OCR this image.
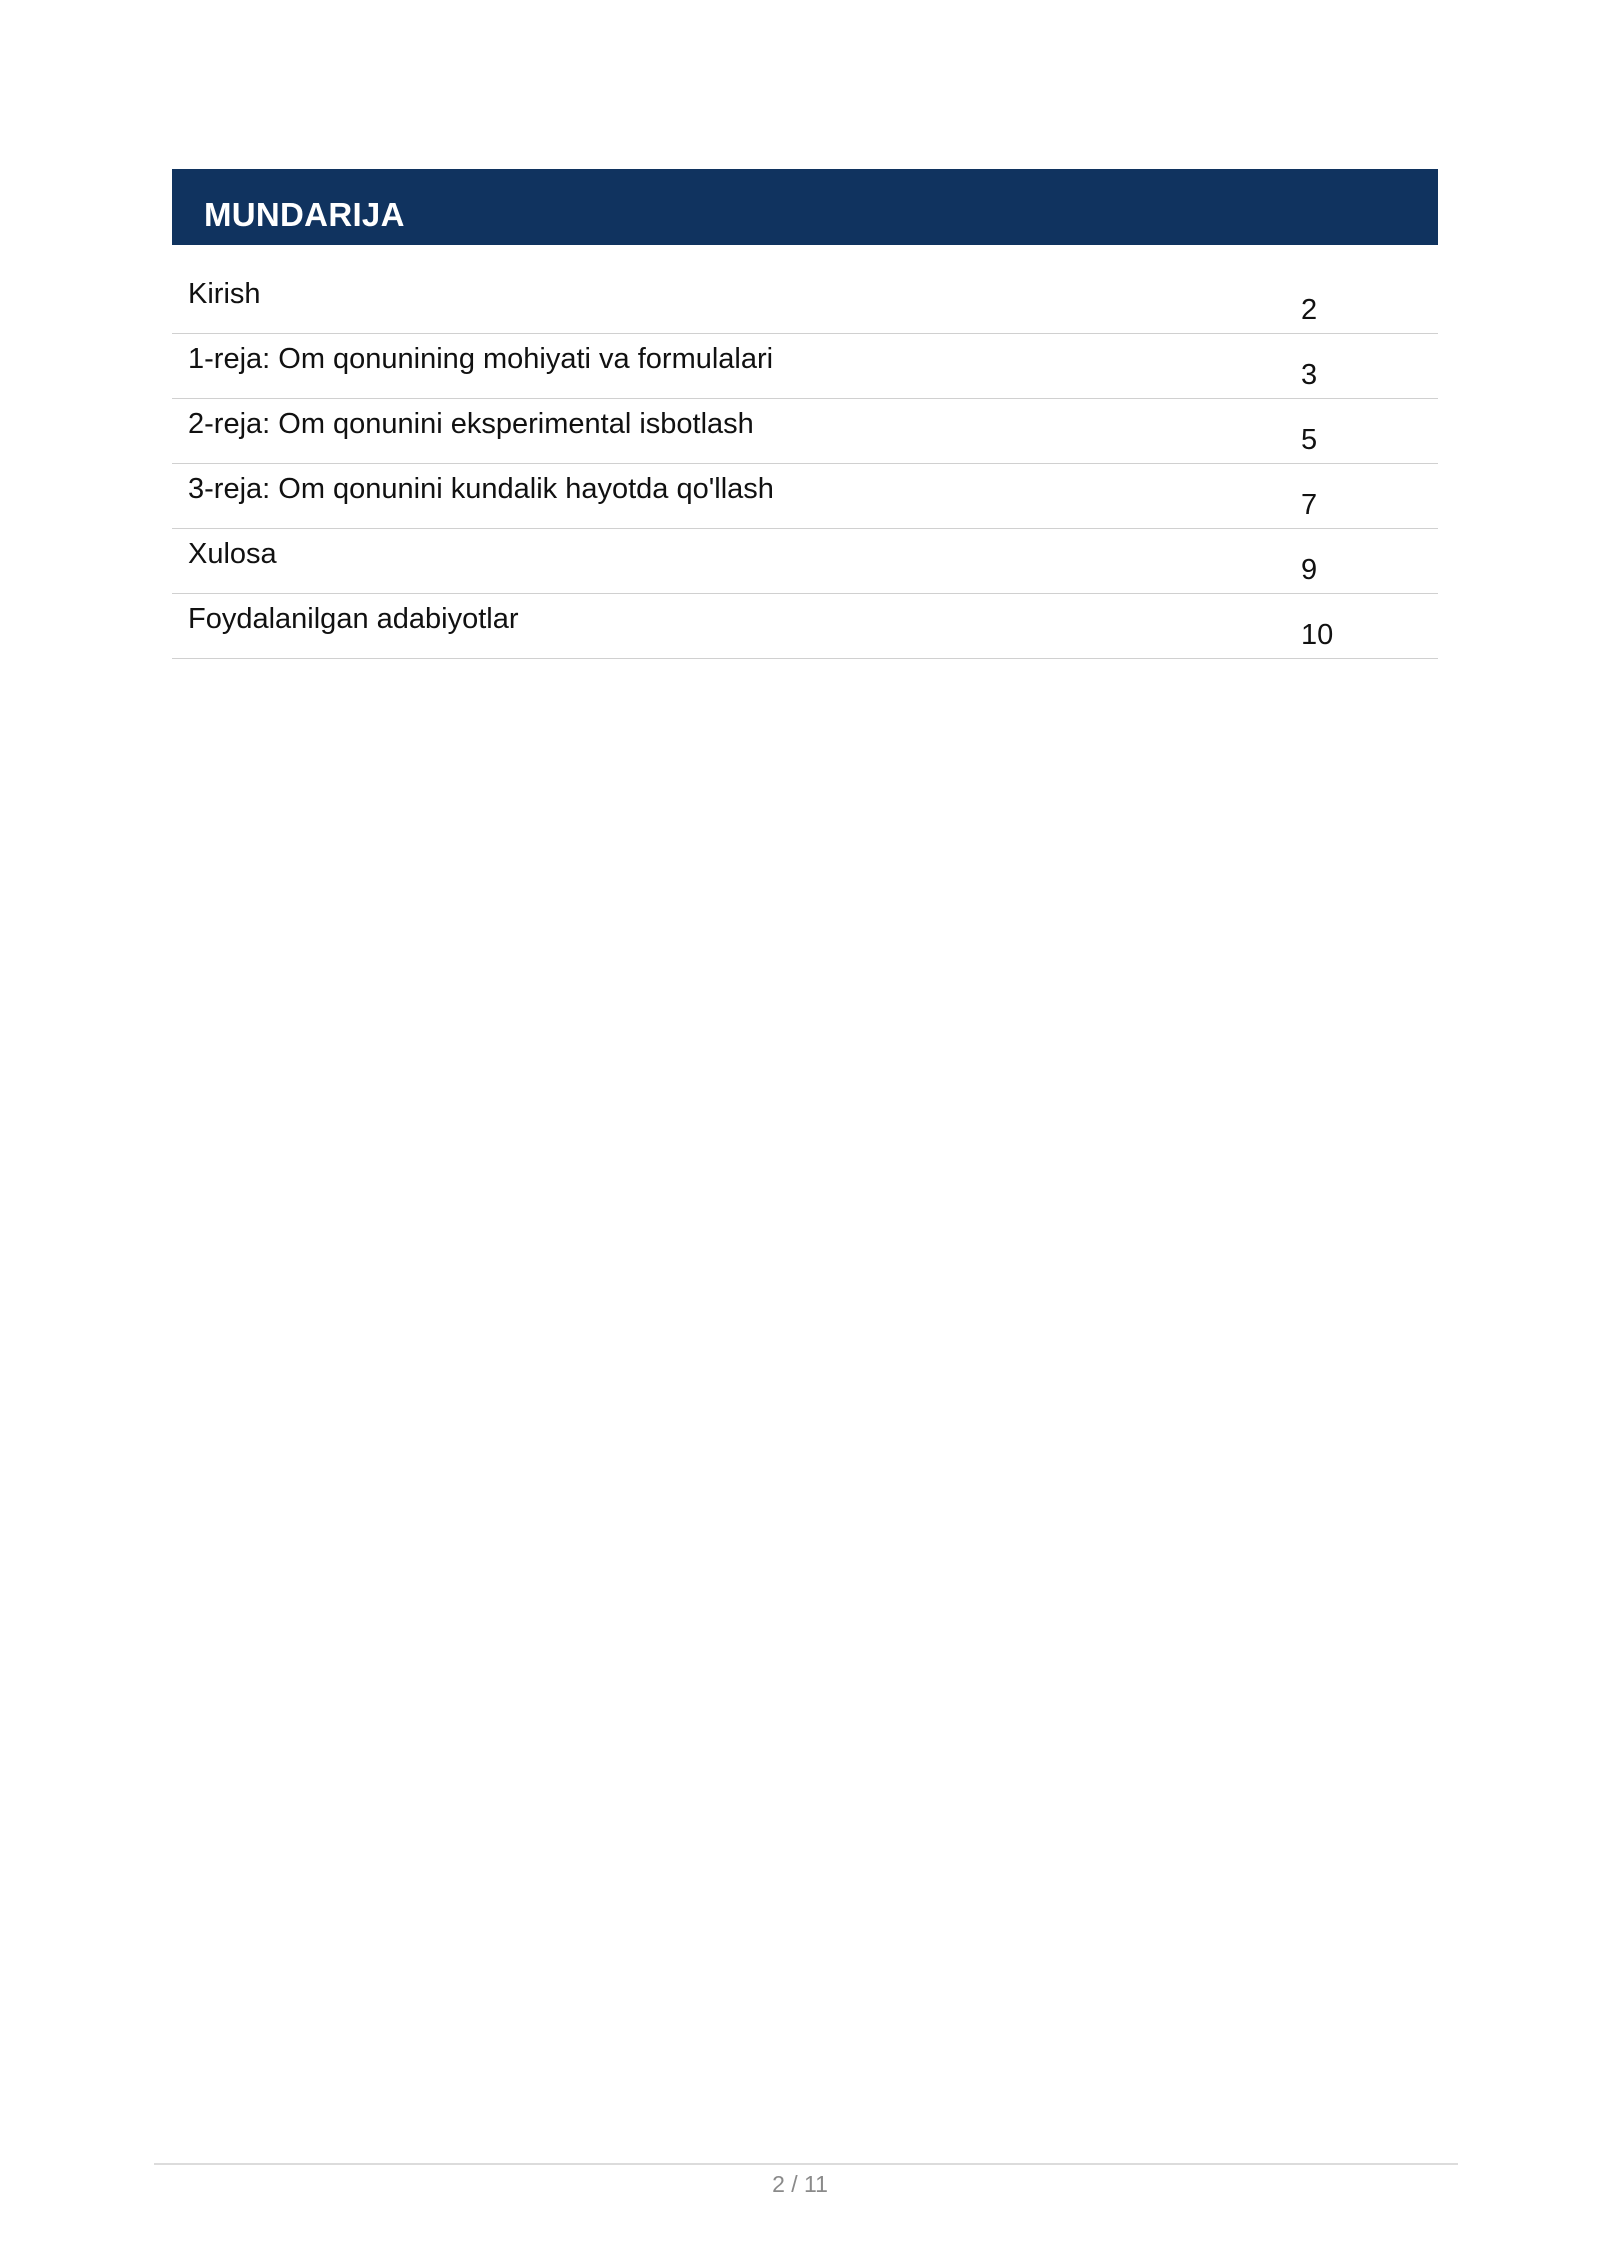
MUNDARIJA
Kirish	2
1-reja: Om qonunining mohiyati va formulalari	3
2-reja: Om qonunini eksperimental isbotlash	5
3-reja: Om qonunini kundalik hayotda qo'llash	7
Xulosa	9
Foydalanilgan adabiyotlar	10
2 / 11
